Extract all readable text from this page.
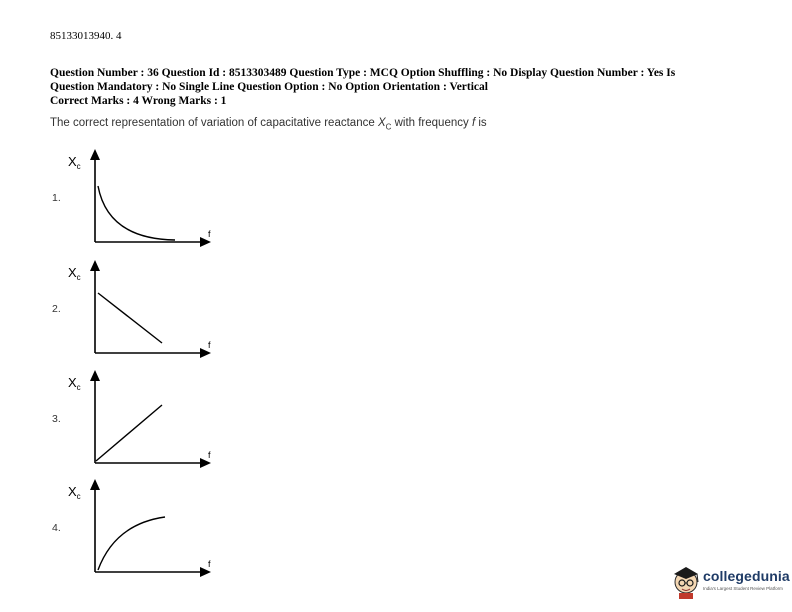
85133013940. 4
Question Number : 36 Question Id : 8513303489 Question Type : MCQ Option Shuffling : No Display Question Number : Yes Is
Question Mandatory : No Single Line Question Option : No Option Orientation : Vertical
Correct Marks : 4 Wrong Marks : 1
The correct representation of variation of capacitative reactance $X_C$ with frequency f is
1.
$X_c$
f
2.
$X_c$
f
3.
$X_c$
f
4.
$X_c$
f
collegedunia
India's Largest Student Review Platform
